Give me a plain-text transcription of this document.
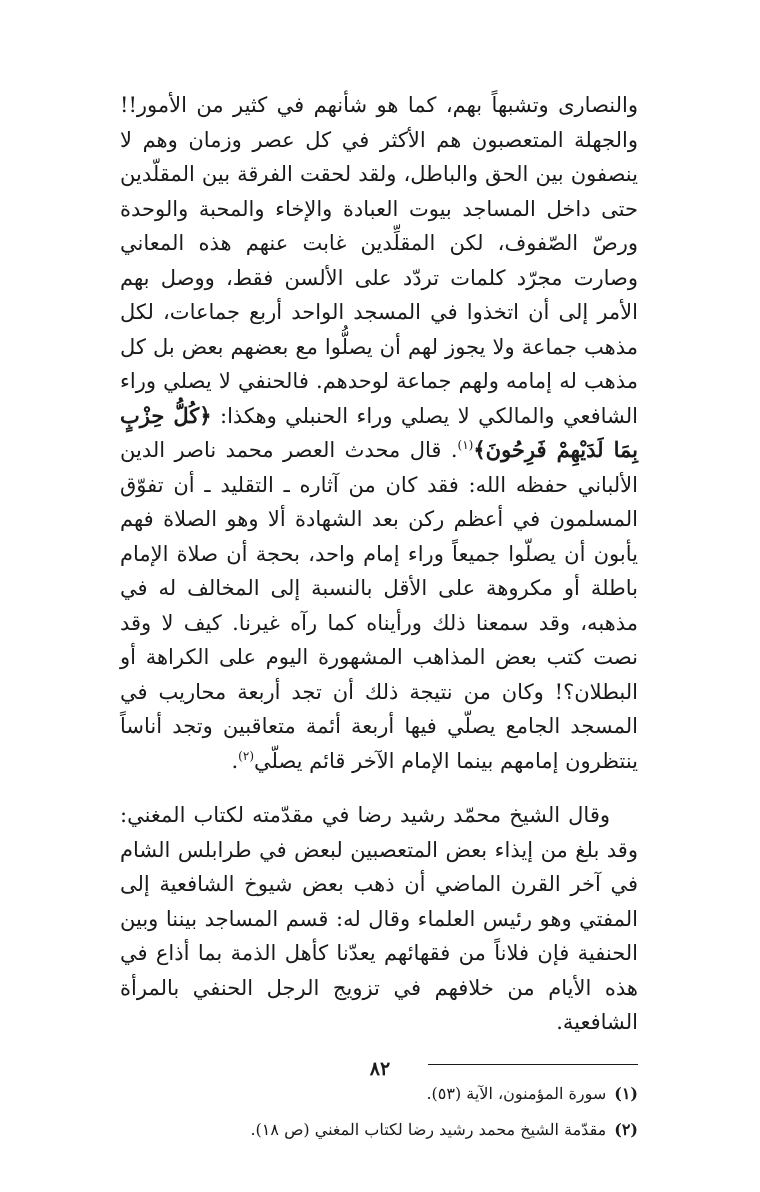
والنصارى وتشبهاً بهم، كما هو شأنهم في كثير من الأمور!! والجهلة المتعصبون هم الأكثر في كل عصر وزمان وهم لا ينصفون بين الحق والباطل، ولقد لحقت الفرقة بين المقلّدين حتى داخل المساجد بيوت العبادة والإخاء والمحبة والوحدة ورصّ الصّفوف، لكن المقلِّدين غابت عنهم هذه المعاني وصارت مجرّد كلمات تردّد على الألسن فقط، ووصل بهم الأمر إلى أن اتخذوا في المسجد الواحد أربع جماعات، لكل مذهب جماعة ولا يجوز لهم أن يصلُّوا مع بعضهم بعض بل كل مذهب له إمامه ولهم جماعة لوحدهم. فالحنفي لا يصلي وراء الشافعي والمالكي لا يصلي وراء الحنبلي وهكذا: ﴿كُلُّ حِزْبٍ بِمَا لَدَيْهِمْ فَرِحُونَ﴾$^{(١)}$. قال محدث العصر محمد ناصر الدين الألباني حفظه الله: فقد كان من آثاره ـ التقليد ـ أن تفوّق المسلمون في أعظم ركن بعد الشهادة ألا وهو الصلاة فهم يأبون أن يصلّوا جميعاً وراء إمام واحد، بحجة أن صلاة الإمام باطلة أو مكروهة على الأقل بالنسبة إلى المخالف له في مذهبه، وقد سمعنا ذلك ورأيناه كما رآه غيرنا. كيف لا وقد نصت كتب بعض المذاهب المشهورة اليوم على الكراهة أو البطلان؟! وكان من نتيجة ذلك أن تجد أربعة محاريب في المسجد الجامع يصلّي فيها أربعة أئمة متعاقبين وتجد أناساً ينتظرون إمامهم بينما الإمام الآخر قائم يصلّي$^{(٢)}$.

وقال الشيخ محمّد رشيد رضا في مقدّمته لكتاب المغني: وقد بلغ من إيذاء بعض المتعصبين لبعض في طرابلس الشام في آخر القرن الماضي أن ذهب بعض شيوخ الشافعية إلى المفتي وهو رئيس العلماء وقال له: قسم المساجد بيننا وبين الحنفية فإن فلاناً من فقهائهم يعدّنا كأهل الذمة بما أذاع في هذه الأيام من خلافهم في تزويج الرجل الحنفي بالمرأة الشافعية.

(١)سورة المؤمنون، الآية (٥٣).

(٢)مقدّمة الشيخ محمد رشيد رضا لكتاب المغني (ص ١٨).

٨٢
